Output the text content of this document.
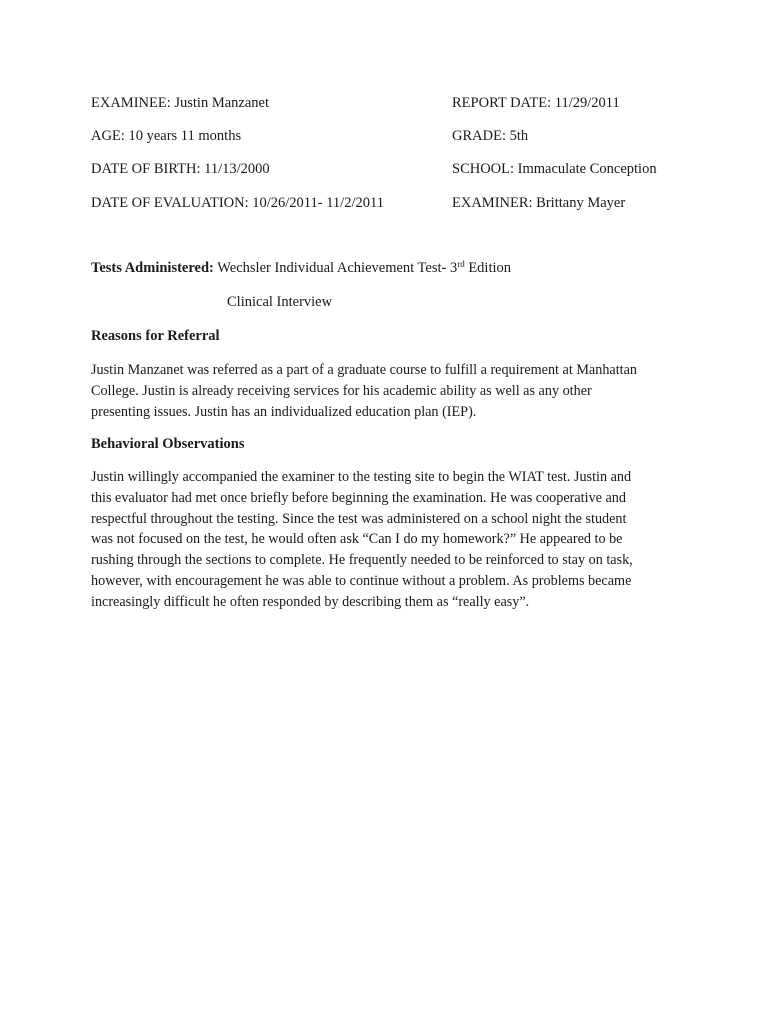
EXAMINEE: Justin Manzanet	REPORT DATE: 11/29/2011
AGE: 10 years 11 months	GRADE: 5th
DATE OF BIRTH: 11/13/2000	SCHOOL: Immaculate Conception
DATE OF EVALUATION: 10/26/2011- 11/2/2011	EXAMINER: Brittany Mayer
Tests Administered: Wechsler Individual Achievement Test- 3rd Edition
Clinical Interview
Reasons for Referral
Justin Manzanet was referred as a part of a graduate course to fulfill a requirement at Manhattan
College. Justin is already receiving services for his academic ability as well as any other
presenting issues. Justin has an individualized education plan (IEP).
Behavioral Observations
Justin willingly accompanied the examiner to the testing site to begin the WIAT test. Justin and
this evaluator had met once briefly before beginning the examination. He was cooperative and
respectful throughout the testing. Since the test was administered on a school night the student
was not focused on the test, he would often ask “Can I do my homework?” He appeared to be
rushing through the sections to complete. He frequently needed to be reinforced to stay on task,
however, with encouragement he was able to continue without a problem. As problems became
increasingly difficult he often responded by describing them as “really easy”.
